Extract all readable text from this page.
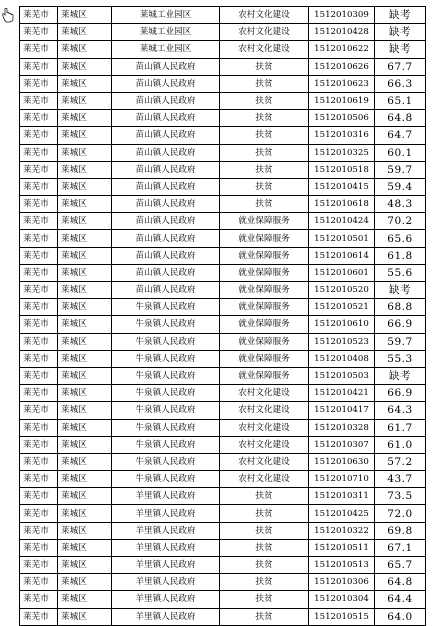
莱芜市	莱城区	莱城工业园区	农村文化建设	1512010309	缺考
莱芜市	莱城区	莱城工业园区	农村文化建设	1512010428	缺考
莱芜市	莱城区	莱城工业园区	农村文化建设	1512010622	缺考
莱芜市	莱城区	苗山镇人民政府	扶贫	1512010626	67.7
莱芜市	莱城区	苗山镇人民政府	扶贫	1512010623	66.3
莱芜市	莱城区	苗山镇人民政府	扶贫	1512010619	65.1
莱芜市	莱城区	苗山镇人民政府	扶贫	1512010506	64.8
莱芜市	莱城区	苗山镇人民政府	扶贫	1512010316	64.7
莱芜市	莱城区	苗山镇人民政府	扶贫	1512010325	60.1
莱芜市	莱城区	苗山镇人民政府	扶贫	1512010518	59.7
莱芜市	莱城区	苗山镇人民政府	扶贫	1512010415	59.4
莱芜市	莱城区	苗山镇人民政府	扶贫	1512010618	48.3
莱芜市	莱城区	苗山镇人民政府	就业保障服务	1512010424	70.2
莱芜市	莱城区	苗山镇人民政府	就业保障服务	1512010501	65.6
莱芜市	莱城区	苗山镇人民政府	就业保障服务	1512010614	61.8
莱芜市	莱城区	苗山镇人民政府	就业保障服务	1512010601	55.6
莱芜市	莱城区	苗山镇人民政府	就业保障服务	1512010520	缺考
莱芜市	莱城区	牛泉镇人民政府	就业保障服务	1512010521	68.8
莱芜市	莱城区	牛泉镇人民政府	就业保障服务	1512010610	66.9
莱芜市	莱城区	牛泉镇人民政府	就业保障服务	1512010523	59.7
莱芜市	莱城区	牛泉镇人民政府	就业保障服务	1512010408	55.3
莱芜市	莱城区	牛泉镇人民政府	就业保障服务	1512010503	缺考
莱芜市	莱城区	牛泉镇人民政府	农村文化建设	1512010421	66.9
莱芜市	莱城区	牛泉镇人民政府	农村文化建设	1512010417	64.3
莱芜市	莱城区	牛泉镇人民政府	农村文化建设	1512010328	61.7
莱芜市	莱城区	牛泉镇人民政府	农村文化建设	1512010307	61.0
莱芜市	莱城区	牛泉镇人民政府	农村文化建设	1512010630	57.2
莱芜市	莱城区	牛泉镇人民政府	农村文化建设	1512010710	43.7
莱芜市	莱城区	羊里镇人民政府	扶贫	1512010311	73.5
莱芜市	莱城区	羊里镇人民政府	扶贫	1512010425	72.0
莱芜市	莱城区	羊里镇人民政府	扶贫	1512010322	69.8
莱芜市	莱城区	羊里镇人民政府	扶贫	1512010511	67.1
莱芜市	莱城区	羊里镇人民政府	扶贫	1512010513	65.7
莱芜市	莱城区	羊里镇人民政府	扶贫	1512010306	64.8
莱芜市	莱城区	羊里镇人民政府	扶贫	1512010304	64.4
莱芜市	莱城区	羊里镇人民政府	扶贫	1512010515	64.0
